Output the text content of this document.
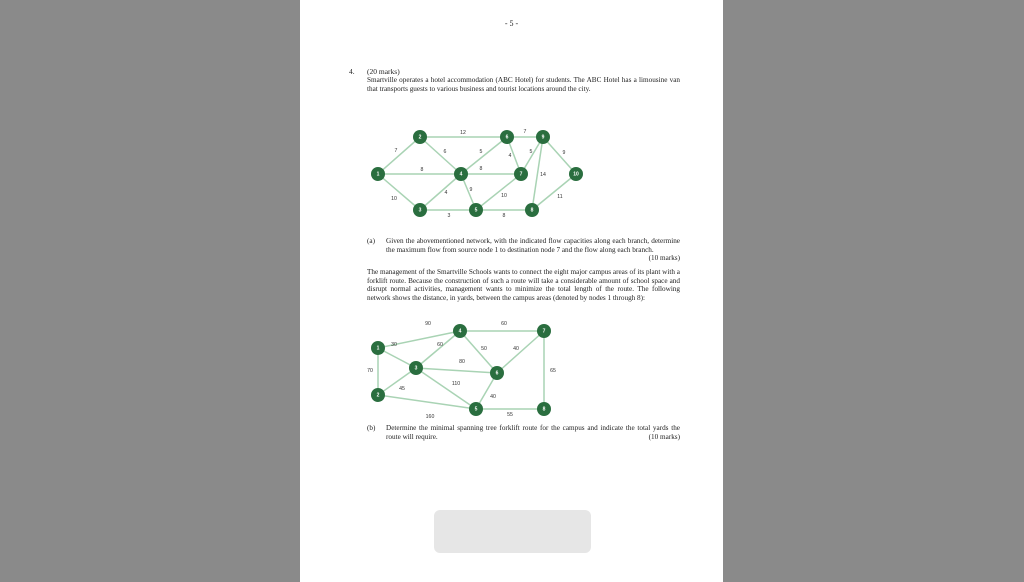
- 5 -
4. (20 marks)
Smartville operates a hotel accommodation (ABC Hotel) for students. The ABC Hotel has a limousine van that transports guests to various business and tourist locations around the city.
7
8
10
12
6
4
3
5
8
9
7
4
5	9
14
10
8
11
1
2
3
4
5
6
7
8
9
10
(a) Given the abovementioned network, with the indicated flow capacities along each branch, determine the maximum flow from source node 1 to destination node 7 and the flow along each branch.
(10 marks)
The management of the Smartville Schools wants to connect the eight major campus areas of its plant with a forklift route. Because the construction of such a route will take a considerable amount of school space and disrupt normal activities, management wants to minimize the total length of the route. The following network shows the distance, in yards, between the campus areas (denoted by nodes 1 through 8):
90
30
70
60
60
50
80
45
110
40
40
65
160	55
1
2
3
4
5
6
7
8
(b) Determine the minimal spanning tree forklift route for the campus and indicate the total yards the route will require.	(10 marks)
